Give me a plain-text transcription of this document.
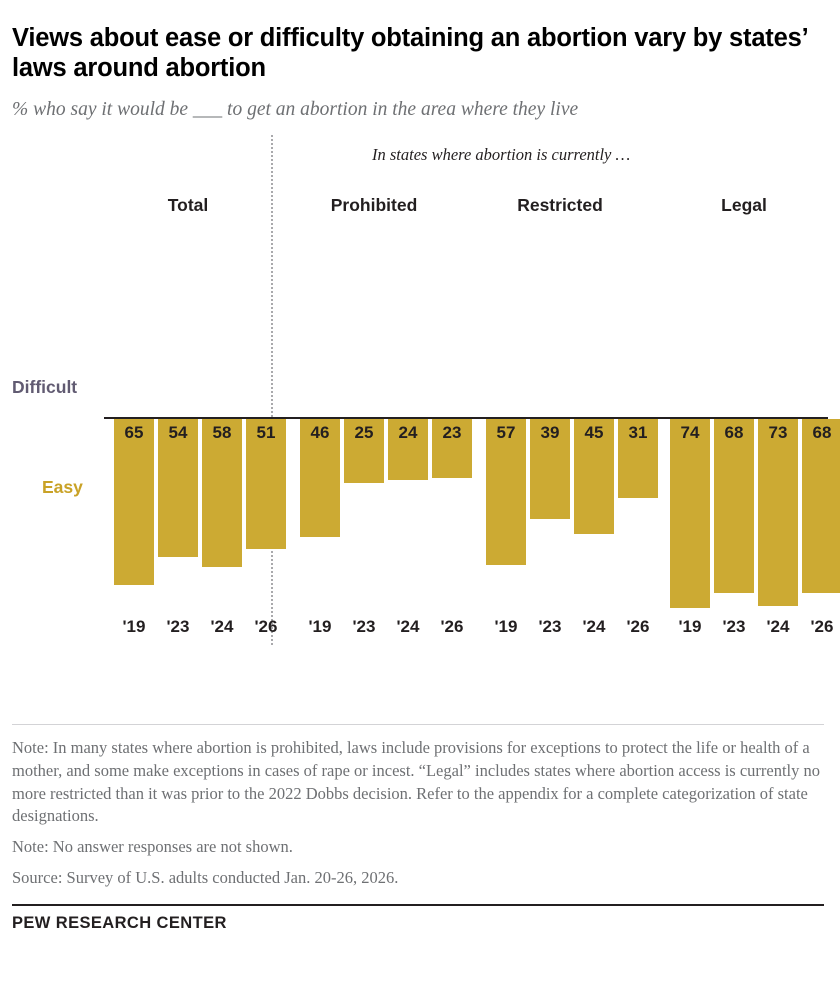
Views about ease or difficulty obtaining an abortion vary by states’ laws around abortion

% who say it would be ___ to get an abortion in the area where they live

In states where abortion is currently …
Difficult
Easy
Total
65
'19
54
'23
58
'24
51
'26
Prohibited
46
'19
25
'23
24
'24
23
'26
Restricted
57
'19
39
'23
45
'24
31
'26
Legal
74
'19
68
'23
73
'24
68
'26

Note: In many states where abortion is prohibited, laws include provisions for exceptions to protect the life or health of a mother, and some make exceptions in cases of rape or incest. “Legal” includes states where abortion access is currently no more restricted than it was prior to the 2022 Dobbs decision. Refer to the appendix for a complete categorization of state designations.

Note: No answer responses are not shown.

Source: Survey of U.S. adults conducted Jan. 20-26, 2026.

PEW RESEARCH CENTER
